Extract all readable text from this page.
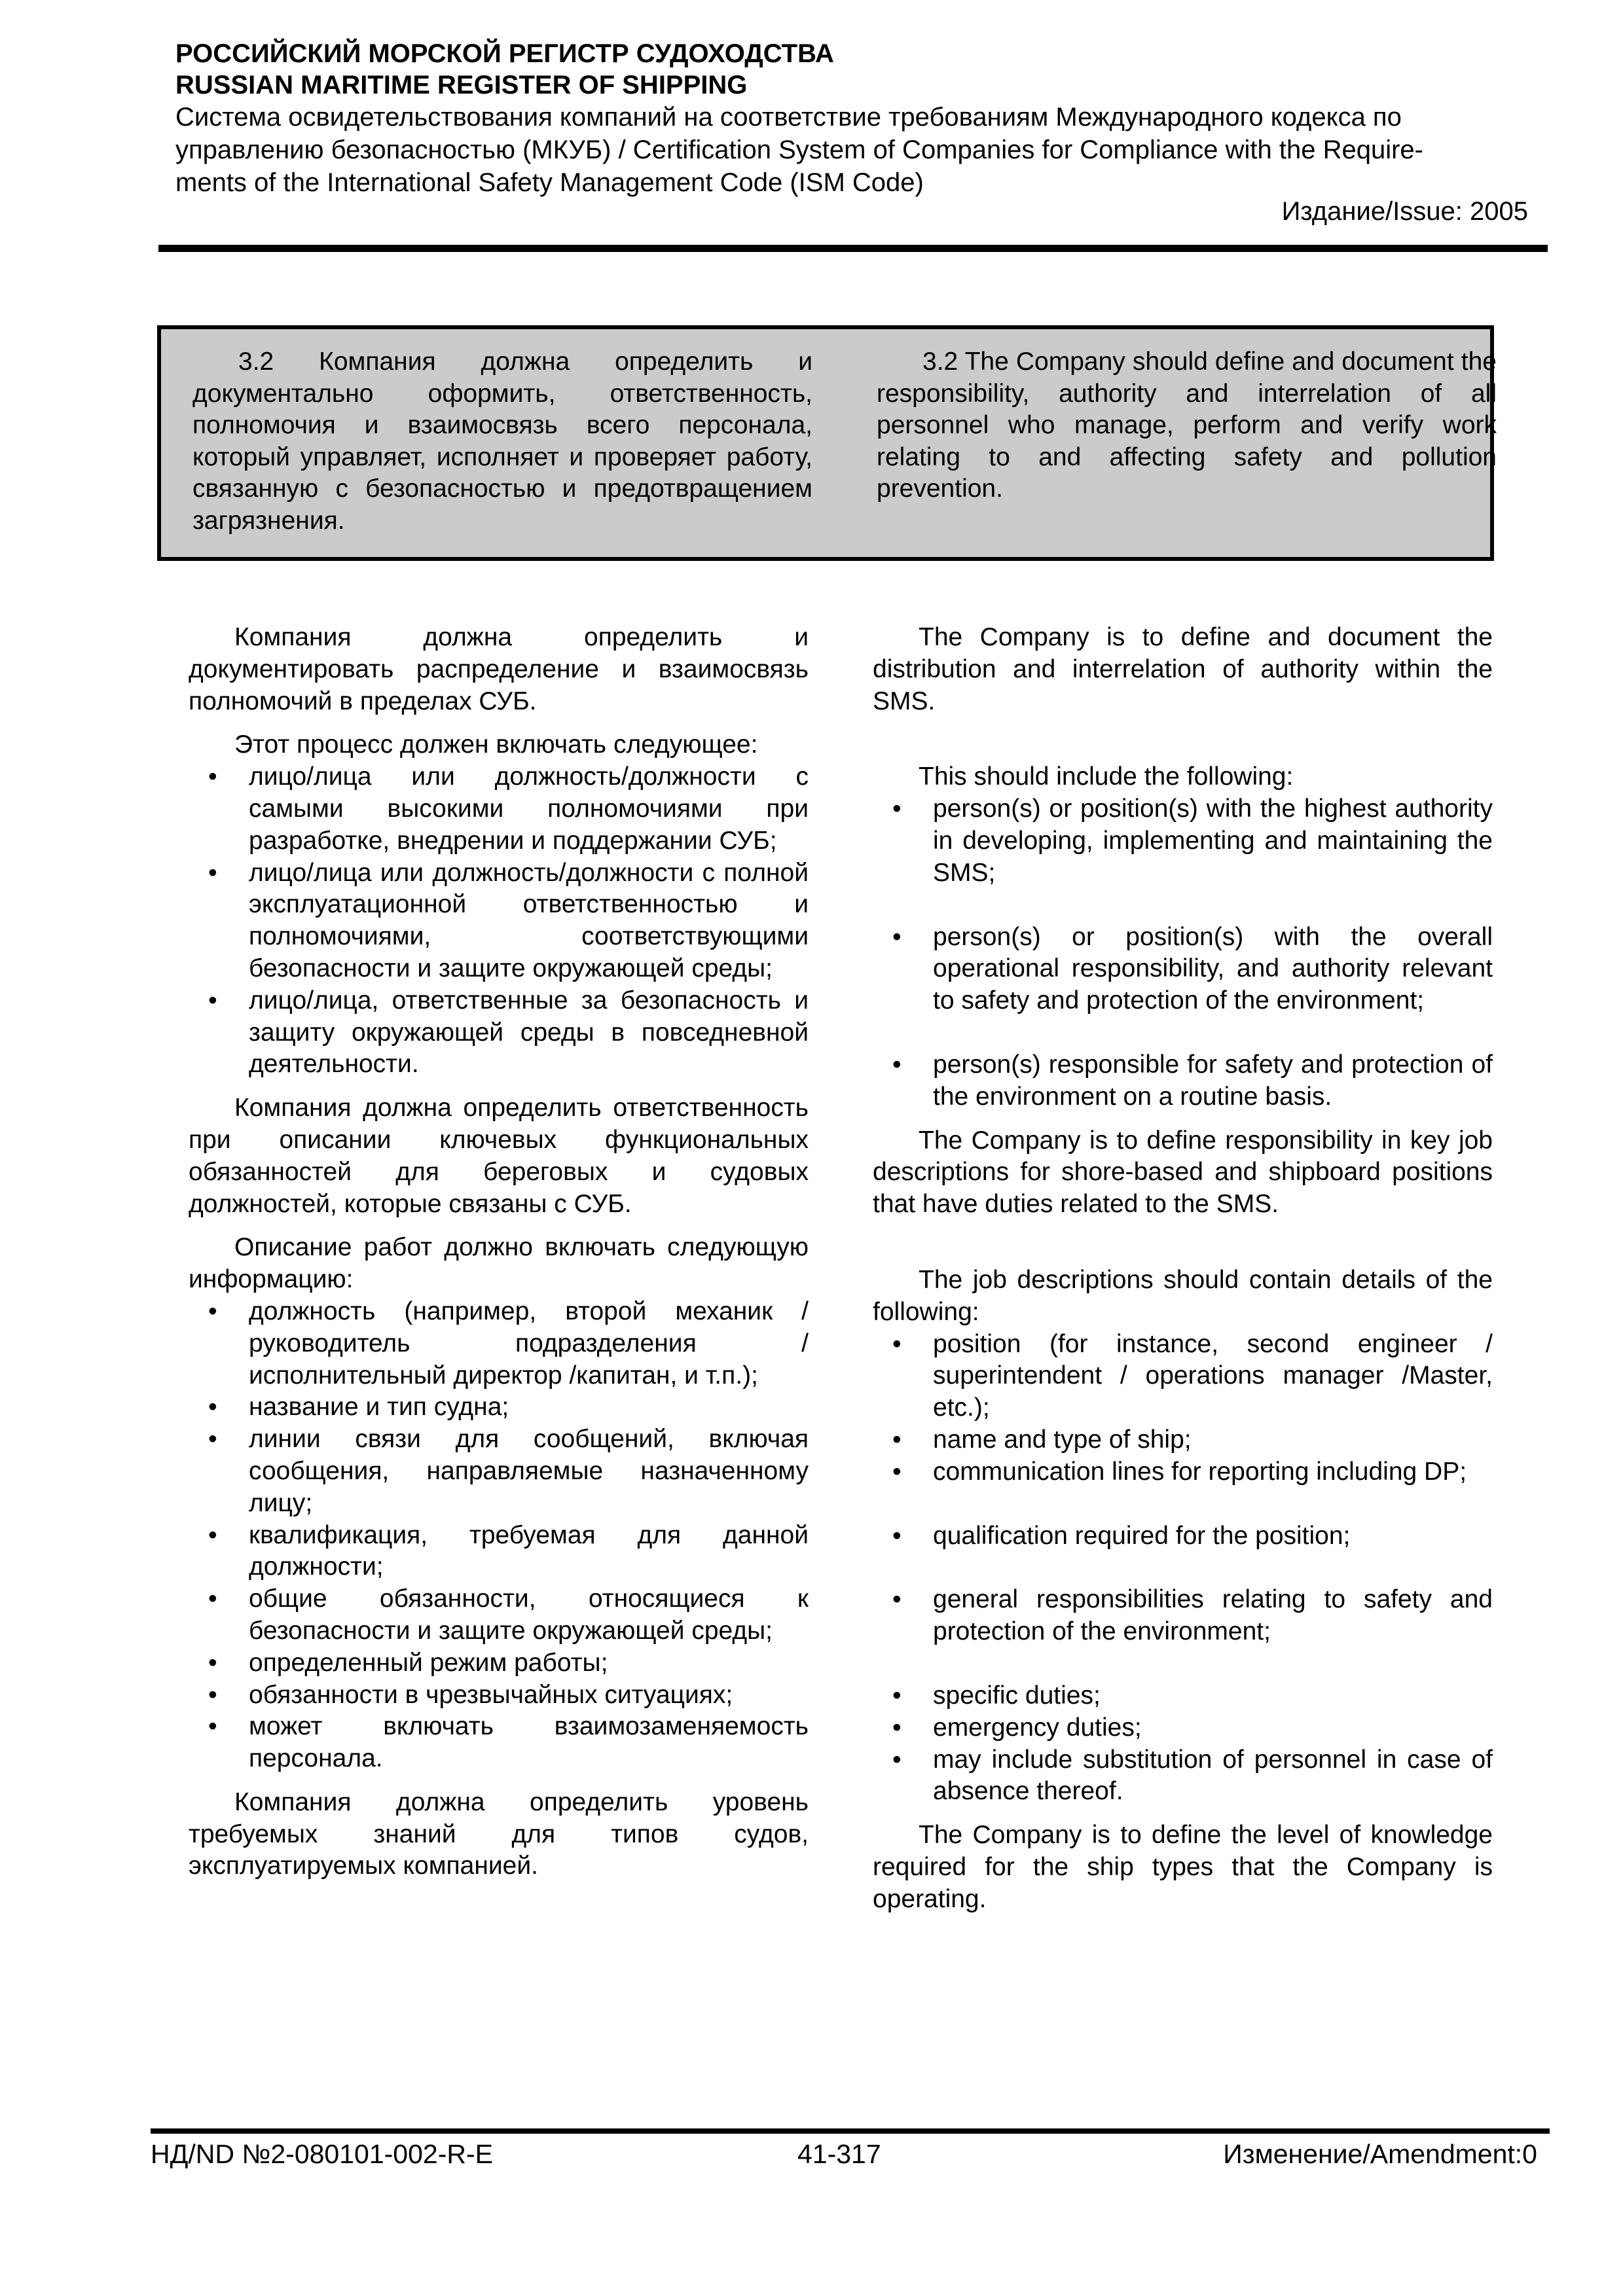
РОССИЙСКИЙ МОРСКОЙ РЕГИСТР СУДОХОДСТВА
RUSSIAN MARITIME REGISTER OF SHIPPING
Система освидетельствования компаний на соответствие требованиям Международного кодекса по
управлению безопасностью (МКУБ) / Certification System of Companies for Compliance with the Require-
ments of the International Safety Management Code (ISM Code)
Издание/Issue: 2005

3.2 Компания должна определить и документально оформить, ответственность, полномочия и взаимосвязь всего персонала, который управляет, исполняет и проверяет работу, связанную с безопасностью и предотвращением загрязнения.

3.2 The Company should define and document the responsibility, authority and interrelation of all personnel who manage, perform and verify work relating to and affecting safety and pollution prevention.

Компания должна определить и документировать распределение и взаимосвязь полномочий в пределах СУБ.

Этот процесс должен включать следующее:

• лицо/лица или должность/должности с самыми высокими полномочиями при разработке, внедрении и поддержании СУБ;
• лицо/лица или должность/должности с полной эксплуатационной ответственностью и полномочиями, соответствующими безопасности и защите окружающей среды;
• лицо/лица, ответственные за безопасность и защиту окружающей среды в повседневной деятельности.

Компания должна определить ответственность при описании ключевых функциональных обязанностей для береговых и судовых должностей, которые связаны с СУБ.

Описание работ должно включать следующую информацию:

• должность (например, второй механик / руководитель подразделения / исполнительный директор /капитан, и т.п.);
• название и тип судна;
• линии связи для сообщений, включая сообщения, направляемые назначенному лицу;
• квалификация, требуемая для данной должности;
• общие обязанности, относящиеся к безопасности и защите окружающей среды;
• определенный режим работы;
• обязанности в чрезвычайных ситуациях;
• может включать взаимозаменяемость персонала.

Компания должна определить уровень требуемых знаний для типов судов, эксплуатируемых компанией.

The Company is to define and document the distribution and interrelation of authority within the SMS.

This should include the following:

• person(s) or position(s) with the highest authority in developing, implementing and maintaining the SMS;
• person(s) or position(s) with the overall operational responsibility, and authority relevant to safety and protection of the environment;
• person(s) responsible for safety and protection of the environment on a routine basis.

The Company is to define responsibility in key job descriptions for shore-based and shipboard positions that have duties related to the SMS.

The job descriptions should contain details of the following:

• position (for instance, second engineer / superintendent / operations manager /Master, etc.);
• name and type of ship;
• communication lines for reporting including DP;
• qualification required for the position;
• general responsibilities relating to safety and protection of the environment;
• specific duties;
• emergency duties;
• may include substitution of personnel in case of absence thereof.

The Company is to define the level of knowledge required for the ship types that the Company is operating.

НД/ND №2-080101-002-R-E	41-317	Изменение/Amendment:0
